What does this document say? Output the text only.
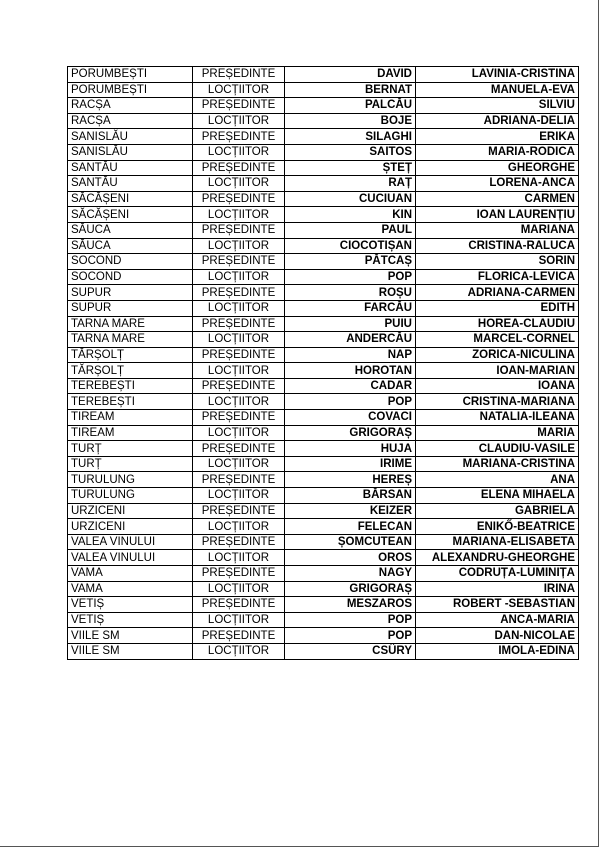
PORUMBEȘTI	PREȘEDINTE	DAVID	LAVINIA-CRISTINA
PORUMBEȘTI	LOCȚIITOR	BERNAT	MANUELA-EVA
RACȘA	PREȘEDINTE	PALCĂU	SILVIU
RACȘA	LOCȚIITOR	BOJE	ADRIANA-DELIA
SANISLĂU	PREȘEDINTE	SILAGHI	ERIKA
SANISLĂU	LOCȚIITOR	SAITOS	MARIA-RODICA
SANTĂU	PREȘEDINTE	ȘTEȚ	GHEORGHE
SANTĂU	LOCȚIITOR	RAȚ	LORENA-ANCA
SĂCĂȘENI	PREȘEDINTE	CUCIUAN	CARMEN
SĂCĂȘENI	LOCȚIITOR	KIN	IOAN LAURENȚIU
SĂUCA	PREȘEDINTE	PAUL	MARIANA
SĂUCA	LOCȚIITOR	CIOCOTIȘAN	CRISTINA-RALUCA
SOCOND	PREȘEDINTE	PĂTCAȘ	SORIN
SOCOND	LOCȚIITOR	POP	FLORICA-LEVICA
SUPUR	PREȘEDINTE	ROȘU	ADRIANA-CARMEN
SUPUR	LOCȚIITOR	FARCĂU	EDITH
TARNA MARE	PREȘEDINTE	PUIU	HOREA-CLAUDIU
TARNA MARE	LOCȚIITOR	ANDERCĂU	MARCEL-CORNEL
TĂRȘOLȚ	PREȘEDINTE	NAP	ZORICA-NICULINA
TĂRȘOLȚ	LOCȚIITOR	HOROTAN	IOAN-MARIAN
TEREBEȘTI	PREȘEDINTE	CADAR	IOANA
TEREBEȘTI	LOCȚIITOR	POP	CRISTINA-MARIANA
TIREAM	PREȘEDINTE	COVACI	NATALIA-ILEANA
TIREAM	LOCȚIITOR	GRIGORAȘ	MARIA
TURȚ	PREȘEDINTE	HUJA	CLAUDIU-VASILE
TURȚ	LOCȚIITOR	IRIME	MARIANA-CRISTINA
TURULUNG	PREȘEDINTE	HEREȘ	ANA
TURULUNG	LOCȚIITOR	BĂRSAN	ELENA MIHAELA
URZICENI	PREȘEDINTE	KEIZER	GABRIELA
URZICENI	LOCȚIITOR	FELECAN	ENIKŐ-BEATRICE
VALEA VINULUI	PREȘEDINTE	ȘOMCUTEAN	MARIANA-ELISABETA
VALEA VINULUI	LOCȚIITOR	OROS	ALEXANDRU-GHEORGHE
VAMA	PREȘEDINTE	NAGY	CODRUȚA-LUMINIȚA
VAMA	LOCȚIITOR	GRIGORAȘ	IRINA
VETIȘ	PREȘEDINTE	MESZAROS	ROBERT -SEBASTIAN
VETIȘ	LOCȚIITOR	POP	ANCA-MARIA
VIILE SM	PREȘEDINTE	POP	DAN-NICOLAE
VIILE SM	LOCȚIITOR	CSÜRY	IMOLA-EDINA
